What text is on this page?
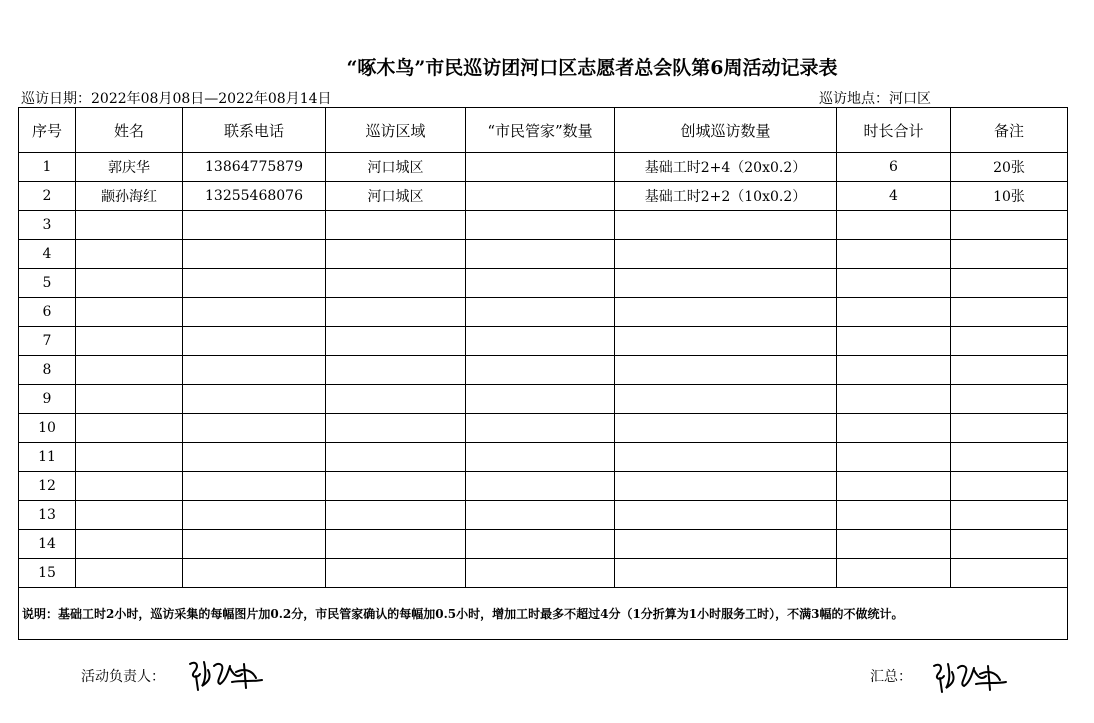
“啄木鸟”市民巡访团河口区志愿者总会队第6周活动记录表
巡访日期：2022年08月08日—2022年08月14日	巡访地点：河口区
序号	姓名	联系电话	巡访区域	“市民管家”数量	创城巡访数量	时长合计	备注
1	郭庆华	13864775879	河口城区		基础工时2+4（20x0.2）	6	20张
2	颛孙海红	13255468076	河口城区		基础工时2+2（10x0.2）	4	10张
3							
4							
5							
6							
7							
8							
9							
10							
11							
12							
13							
14							
15							
说明：基础工时2小时，巡访采集的每幅图片加0.2分，市民管家确认的每幅加0.5小时，增加工时最多不超过4分（1分折算为1小时服务工时），不满3幅的不做统计。							
活动负责人：	汇总：
